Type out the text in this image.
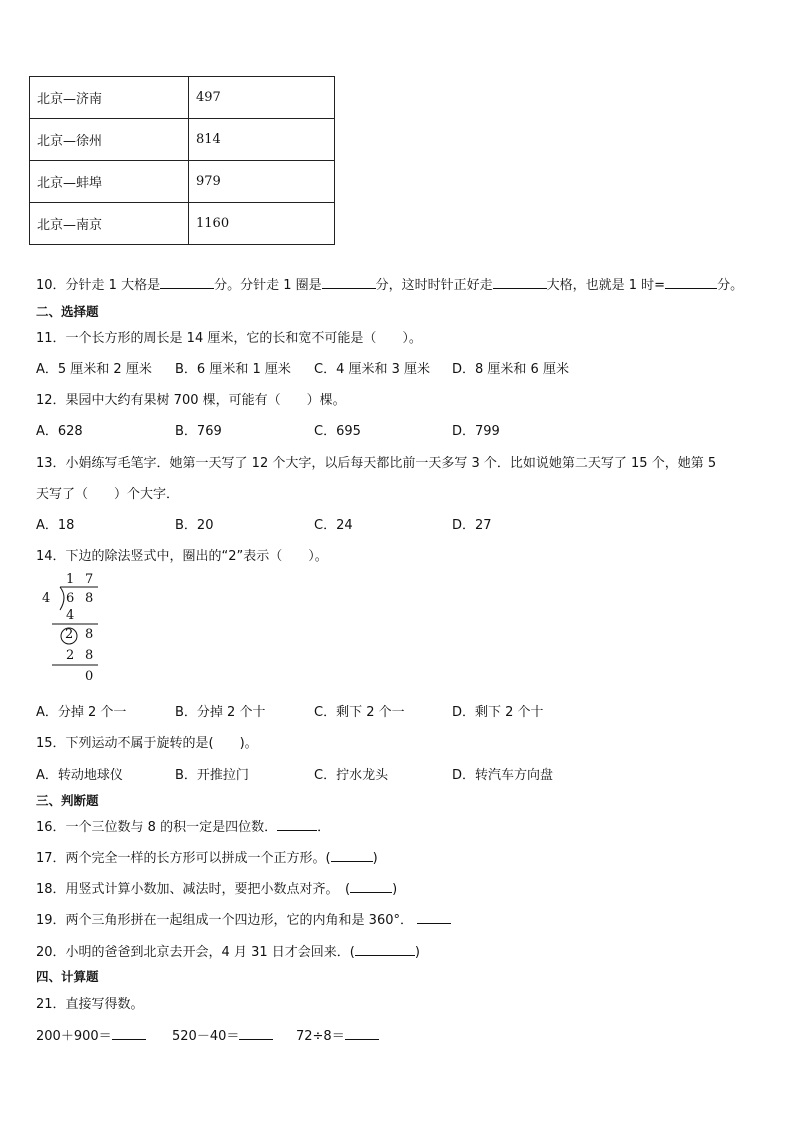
北京—济南	497
北京—徐州	814
北京—蚌埠	979
北京—南京	1160
10．分针走 1 大格是	分。分针走 1 圈是	分，这时时针正好走	大格，也就是 1 时=	分。
二、选择题
11．一个长方形的周长是 14 厘米，它的长和宽不可能是（　　）。
A．5 厘米和 2 厘米 B．6 厘米和 1 厘米 C．4 厘米和 3 厘米 D．8 厘米和 6 厘米
12．果园中大约有果树 700 棵，可能有（　　）棵。
A．628	B．769	C．695	D．799
13．小娟练写毛笔字．她第一天写了 12 个大字，以后每天都比前一天多写 3 个．比如说她第二天写了 15 个，她第 5
天写了（　　）个大字．
A．18	B．20	C．24	D．27
14．下边的除法竖式中，圈出的“2”表示（　　）。
1 7
4 6 8
4
2 8
2 8
0
A．分掉 2 个一	B．分掉 2 个十	C．剩下 2 个一	D．剩下 2 个十
15．下列运动不属于旋转的是(　　)。
A．转动地球仪	B．开推拉门	C．拧水龙头	D．转汽车方向盘
三、判断题
16．一个三位数与 8 的积一定是四位数．	．
17．两个完全一样的长方形可以拼成一个正方形。(	)
18．用竖式计算小数加、减法时，要把小数点对齐。　(	)
19．两个三角形拼在一起组成一个四边形，它的内角和是 360°．
20．小明的爸爸到北京去开会，4 月 31 日才会回来．(	)
四、计算题
21．直接写得数。
200＋900＝	520－40＝	72÷8＝
